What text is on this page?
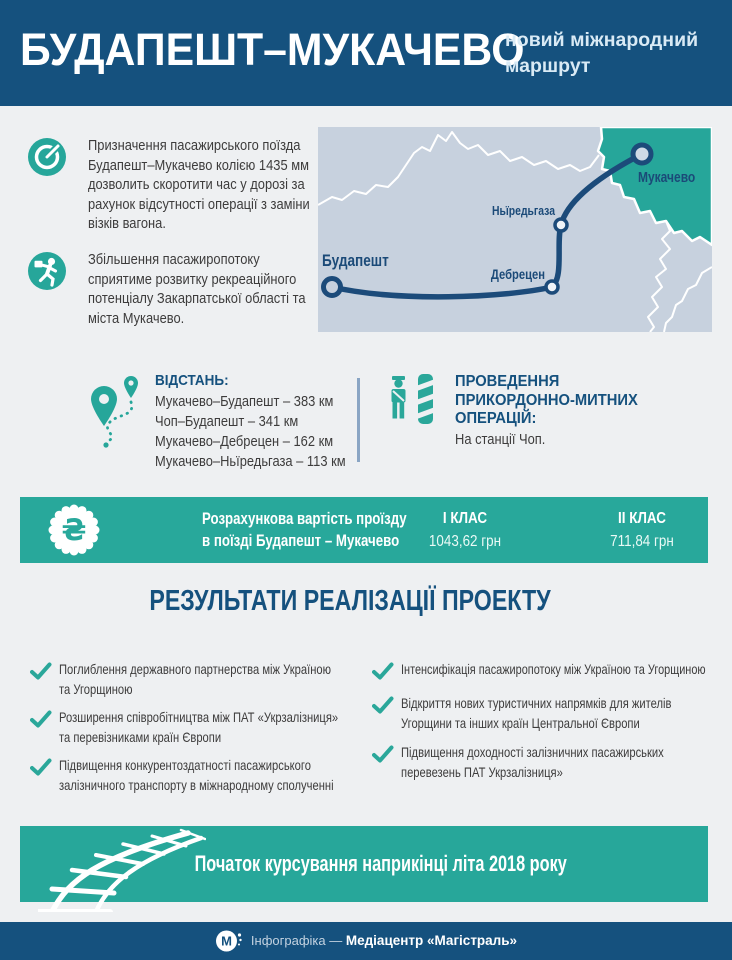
БУДАПЕШТ–МУКАЧЕВО
новий міжнародний
маршрут
Призначення пасажирського поїзда
Будапешт–Мукачево колією 1435 мм
дозволить скоротити час у дорозі за
рахунок відсутності операції з заміни
візків вагона.
Збільшення пасажиропотоку
сприятиме розвитку рекреаційного
потенціалу Закарпатської області та
міста Мукачево.
Будапешт
Дебрецен
Ньїредьгаза
Мукачево
ВІДСТАНЬ:
Мукачево–Будапешт – 383 км
Чоп–Будапешт – 341 км
Мукачево–Дебрецен – 162 км
Мукачево–Ньїредьгаза – 113 км
ПРОВЕДЕННЯ
ПРИКОРДОННО-МИТНИХ
ОПЕРАЦІЙ:
На станції Чоп.
₴	Розрахункова вартість проїзду
в поїзді Будапешт – Мукачево
І КЛАС
1043,62 грн
ІІ КЛАС
711,84 грн
РЕЗУЛЬТАТИ РЕАЛІЗАЦІЇ ПРОЕКТУ
Поглиблення державного партнерства між Україною
та Угорщиною
Розширення співробітництва між ПАТ «Укрзалізниця»
та перевізниками країн Європи
Підвищення конкурентоздатності пасажирського
залізничного транспорту в міжнародному сполученні
Інтенсифікація пасажиропотоку між Україною та Угорщиною
Відкриття нових туристичних напрямків для жителів
Угорщини та інших країн Центральної Європи
Підвищення доходності залізничних пасажирських
перевезень ПАТ Укрзалізниця»
Початок курсування наприкінці літа 2018 року
M Інфографіка — Медіацентр «Магістраль»
